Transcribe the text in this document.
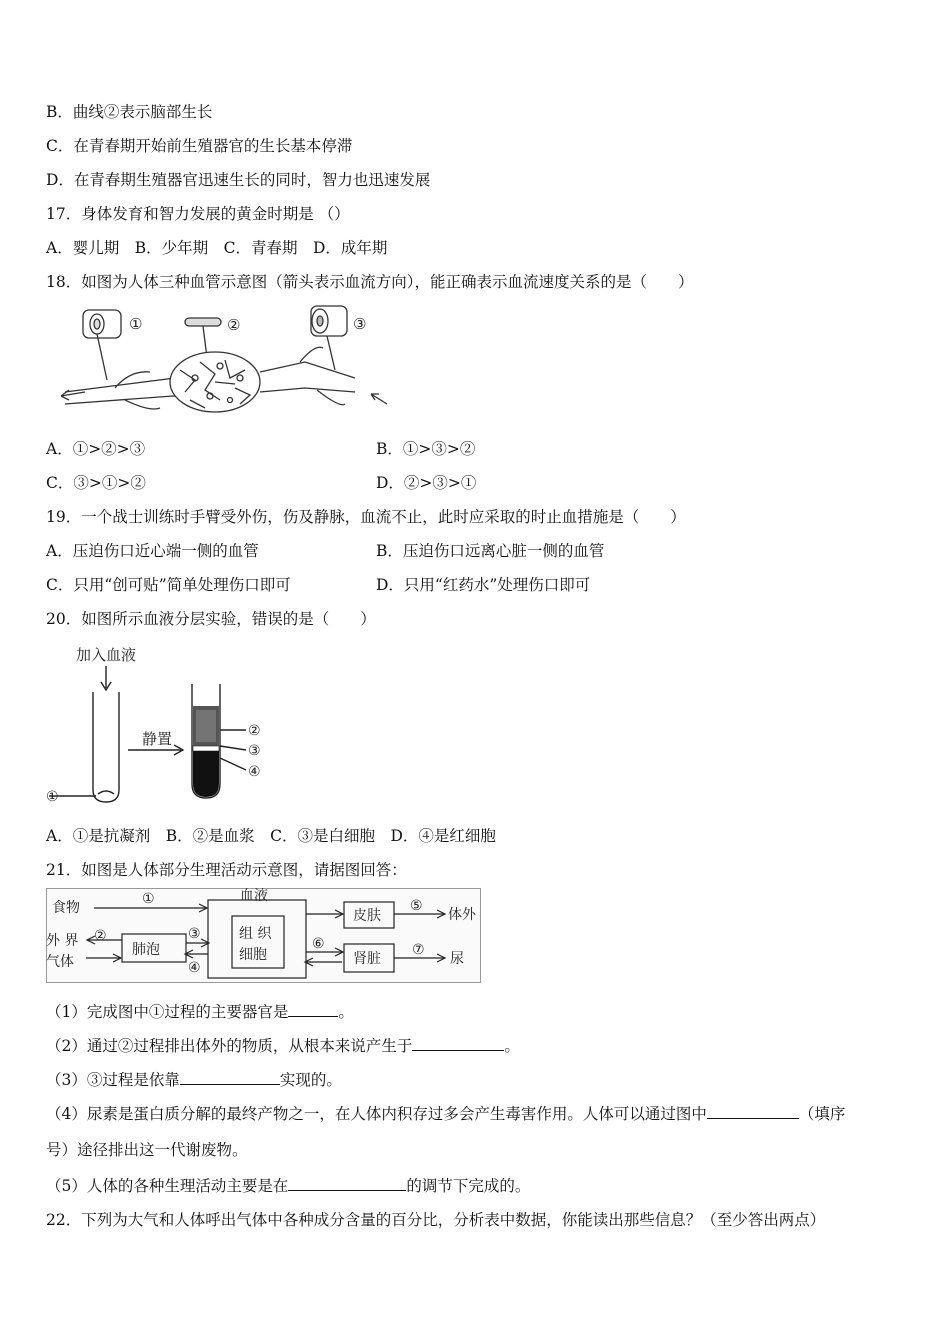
B．曲线②表示脑部生长
C．在青春期开始前生殖器官的生长基本停滞
D．在青春期生殖器官迅速生长的同时，智力也迅速发展
17．身体发育和智力发展的黄金时期是 （）
A．婴儿期　B．少年期　C．青春期　D．成年期
18．如图为人体三种血管示意图（箭头表示血流方向），能正确表示血流速度关系的是（　　）
①	②	③
A．①>②>③	B．①>③>②
C．③>①>②	D．②>③>①
19．一个战士训练时手臂受外伤，伤及静脉，血流不止，此时应采取的时止血措施是（　　）
A．压迫伤口近心端一侧的血管	B．压迫伤口远离心脏一侧的血管
C．只用“创可贴”简单处理伤口即可	D．只用“红药水”处理伤口即可
20．如图所示血液分层实验，错误的是（　　）
加入血液
静置
①
②
③
④
A．①是抗凝剂　B．②是血浆　C．③是白细胞　D．④是红细胞
21．如图是人体部分生理活动示意图，请据图回答：
食物
外 界
气体
肺泡
血液
组 织
细胞
皮肤
肾脏
体外
尿
①
②	③
④
⑤
⑥	⑦
（1）完成图中①过程的主要器官是	。
（2）通过②过程排出体外的物质，从根本来说产生于	。
（3）③过程是依靠	实现的。
（4）尿素是蛋白质分解的最终产物之一，在人体内积存过多会产生毒害作用。人体可以通过图中	（填序
号）途径排出这一代谢废物。
（5）人体的各种生理活动主要是在	的调节下完成的。
22．下列为大气和人体呼出气体中各种成分含量的百分比，分析表中数据，你能读出那些信息？（至少答出两点）
